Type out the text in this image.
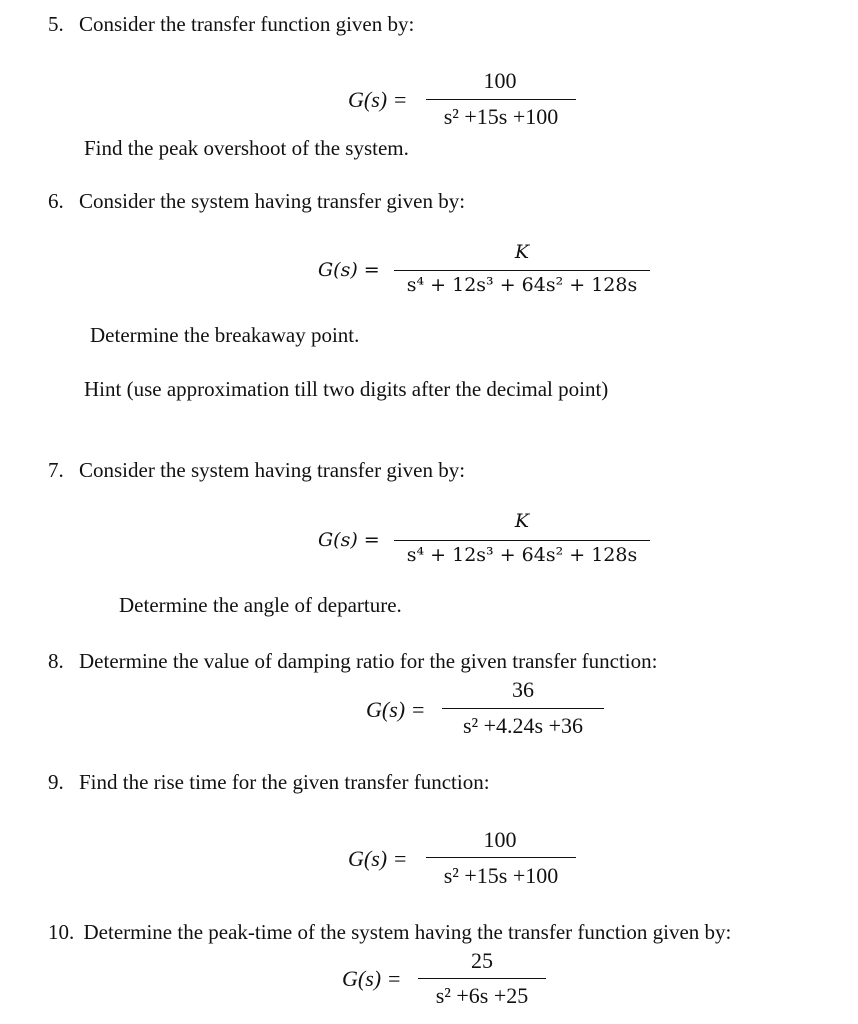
5. Consider the transfer function given by:
G(s) =
100
s² +15s +100
Find the peak overshoot of the system.
6. Consider the system having transfer given by:
G(s) =
K
s⁴ + 12s³ + 64s² + 128s
Determine the breakaway point.
Hint (use approximation till two digits after the decimal point)
7. Consider the system having transfer given by:
G(s) =
K
s⁴ + 12s³ + 64s² + 128s
Determine the angle of departure.
8. Determine the value of damping ratio for the given transfer function:
G(s) =
36
s² +4.24s +36
9. Find the rise time for the given transfer function:
G(s) =
100
s² +15s +100
10. Determine the peak-time of the system having the transfer function given by:
G(s) =
25
s² +6s +25
